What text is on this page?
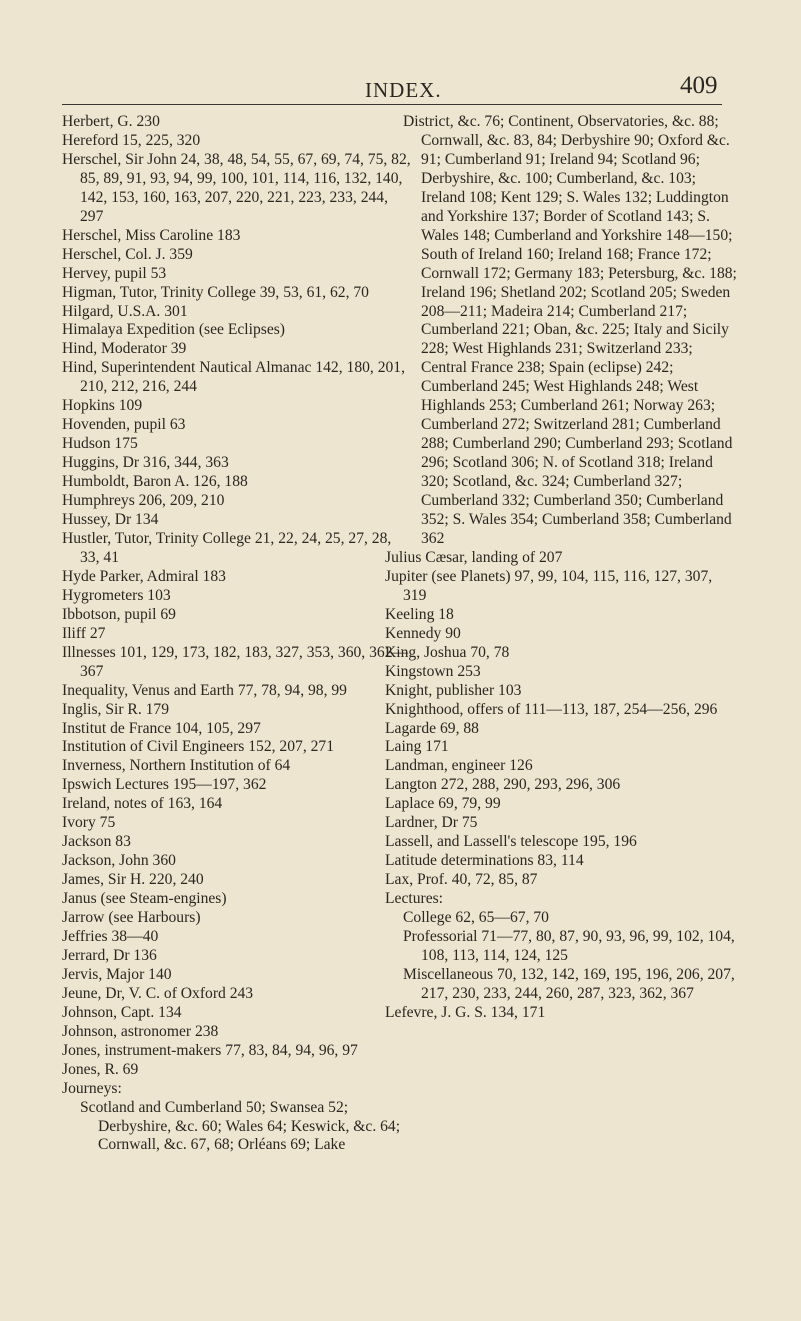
INDEX.	409
Herbert, G. 230
Hereford 15, 225, 320
Herschel, Sir John 24, 38, 48, 54, 55, 67, 69, 74, 75, 82, 85, 89, 91, 93, 94, 99, 100, 101, 114, 116, 132, 140, 142, 153, 160, 163, 207, 220, 221, 223, 233, 244, 297
Herschel, Miss Caroline 183
Herschel, Col. J. 359
Hervey, pupil 53
Higman, Tutor, Trinity College 39, 53, 61, 62, 70
Hilgard, U.S.A. 301
Himalaya Expedition (see Eclipses)
Hind, Moderator 39
Hind, Superintendent Nautical Almanac 142, 180, 201, 210, 212, 216, 244
Hopkins 109
Hovenden, pupil 63
Hudson 175
Huggins, Dr 316, 344, 363
Humboldt, Baron A. 126, 188
Humphreys 206, 209, 210
Hussey, Dr 134
Hustler, Tutor, Trinity College 21, 22, 24, 25, 27, 28, 33, 41
Hyde Parker, Admiral 183
Hygrometers 103
Ibbotson, pupil 69
Iliff 27
Illnesses 101, 129, 173, 182, 183, 327, 353, 360, 362—367
Inequality, Venus and Earth 77, 78, 94, 98, 99
Inglis, Sir R. 179
Institut de France 104, 105, 297
Institution of Civil Engineers 152, 207, 271
Inverness, Northern Institution of 64
Ipswich Lectures 195—197, 362
Ireland, notes of 163, 164
Ivory 75
Jackson 83
Jackson, John 360
James, Sir H. 220, 240
Janus (see Steam-engines)
Jarrow (see Harbours)
Jeffries 38—40
Jerrard, Dr 136
Jervis, Major 140
Jeune, Dr, V. C. of Oxford 243
Johnson, Capt. 134
Johnson, astronomer 238
Jones, instrument-makers 77, 83, 84, 94, 96, 97
Jones, R. 69
Journeys:
Scotland and Cumberland 50; Swansea 52; Derbyshire, &c. 60; Wales 64; Keswick, &c. 64; Cornwall, &c. 67, 68; Orléans 69; Lake
District, &c. 76; Continent, Observatories, &c. 88; Cornwall, &c. 83, 84; Derbyshire 90; Oxford &c. 91; Cumberland 91; Ireland 94; Scotland 96; Derbyshire, &c. 100; Cumberland, &c. 103; Ireland 108; Kent 129; S. Wales 132; Luddington and Yorkshire 137; Border of Scotland 143; S. Wales 148; Cumberland and Yorkshire 148—150; South of Ireland 160; Ireland 168; France 172; Cornwall 172; Germany 183; Petersburg, &c. 188; Ireland 196; Shetland 202; Scotland 205; Sweden 208—211; Madeira 214; Cumberland 217; Cumberland 221; Oban, &c. 225; Italy and Sicily 228; West Highlands 231; Switzerland 233; Central France 238; Spain (eclipse) 242; Cumberland 245; West Highlands 248; West Highlands 253; Cumberland 261; Norway 263; Cumberland 272; Switzerland 281; Cumberland 288; Cumberland 290; Cumberland 293; Scotland 296; Scotland 306; N. of Scotland 318; Ireland 320; Scotland, &c. 324; Cumberland 327; Cumberland 332; Cumberland 350; Cumberland 352; S. Wales 354; Cumberland 358; Cumberland 362
Julius Cæsar, landing of 207
Jupiter (see Planets) 97, 99, 104, 115, 116, 127, 307, 319
Keeling 18
Kennedy 90
King, Joshua 70, 78
Kingstown 253
Knight, publisher 103
Knighthood, offers of 111—113, 187, 254—256, 296
Lagarde 69, 88
Laing 171
Landman, engineer 126
Langton 272, 288, 290, 293, 296, 306
Laplace 69, 79, 99
Lardner, Dr 75
Lassell, and Lassell's telescope 195, 196
Latitude determinations 83, 114
Lax, Prof. 40, 72, 85, 87
Lectures:
College 62, 65—67, 70
Professorial 71—77, 80, 87, 90, 93, 96, 99, 102, 104, 108, 113, 114, 124, 125
Miscellaneous 70, 132, 142, 169, 195, 196, 206, 207, 217, 230, 233, 244, 260, 287, 323, 362, 367
Lefevre, J. G. S. 134, 171
